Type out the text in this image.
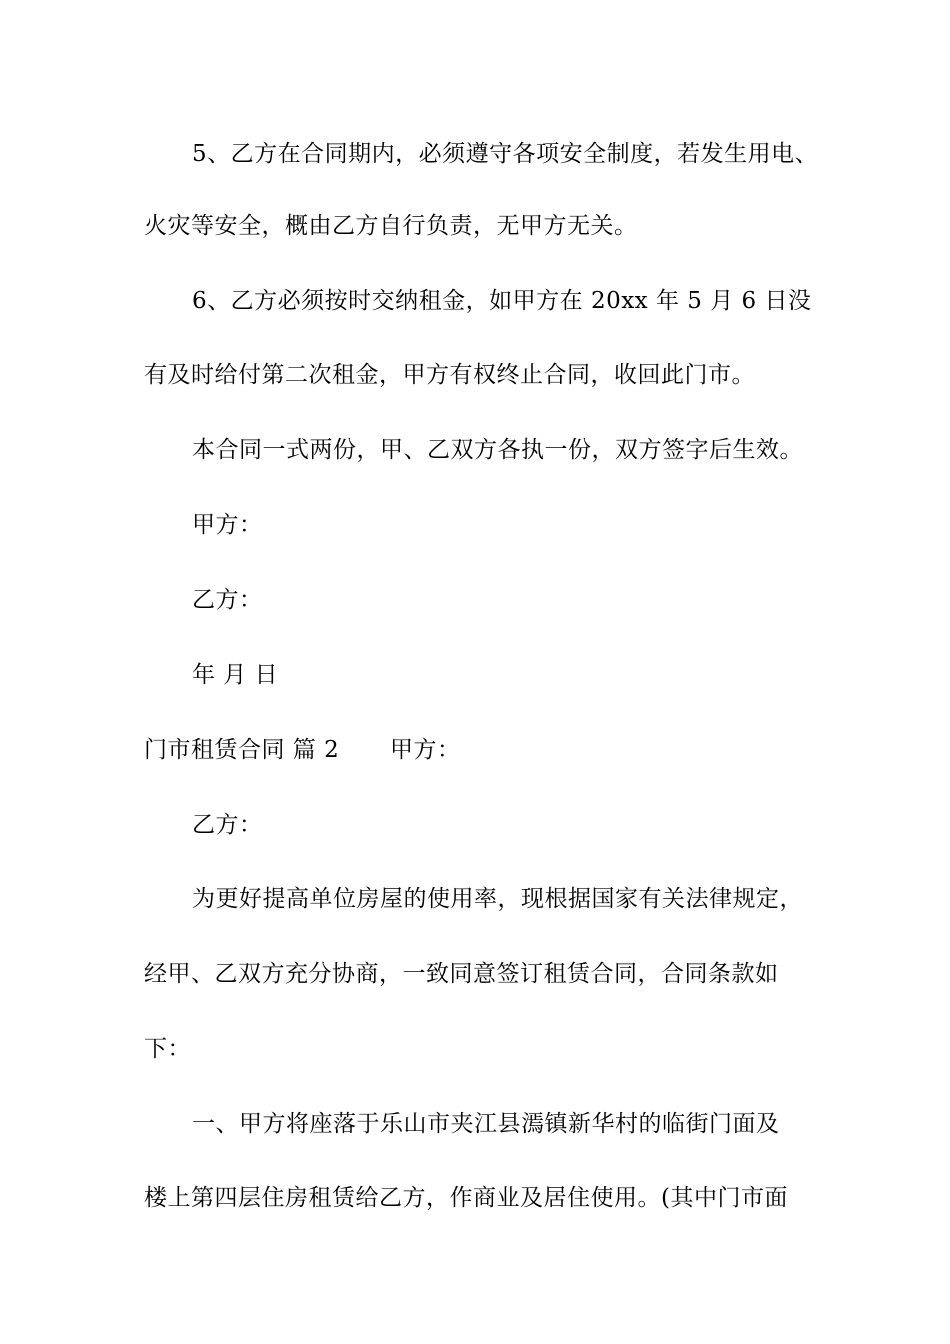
5、乙方在合同期内，必须遵守各项安全制度，若发生用电、
火灾等安全，概由乙方自行负责，无甲方无关。
6、乙方必须按时交纳租金，如甲方在 20xx 年 5 月 6 日没
有及时给付第二次租金，甲方有权终止合同，收回此门市。
本合同一式两份，甲、乙双方各执一份，双方签字后生效。
甲方：
乙方：
年 月 日
门市租赁合同 篇 2 甲方：
乙方：
为更好提高单位房屋的使用率，现根据国家有关法律规定，
经甲、乙双方充分协商，一致同意签订租赁合同，合同条款如
下：
一、甲方将座落于乐山市夹江县漹镇新华村的临街门面及
楼上第四层住房租赁给乙方，作商业及居住使用。(其中门市面
